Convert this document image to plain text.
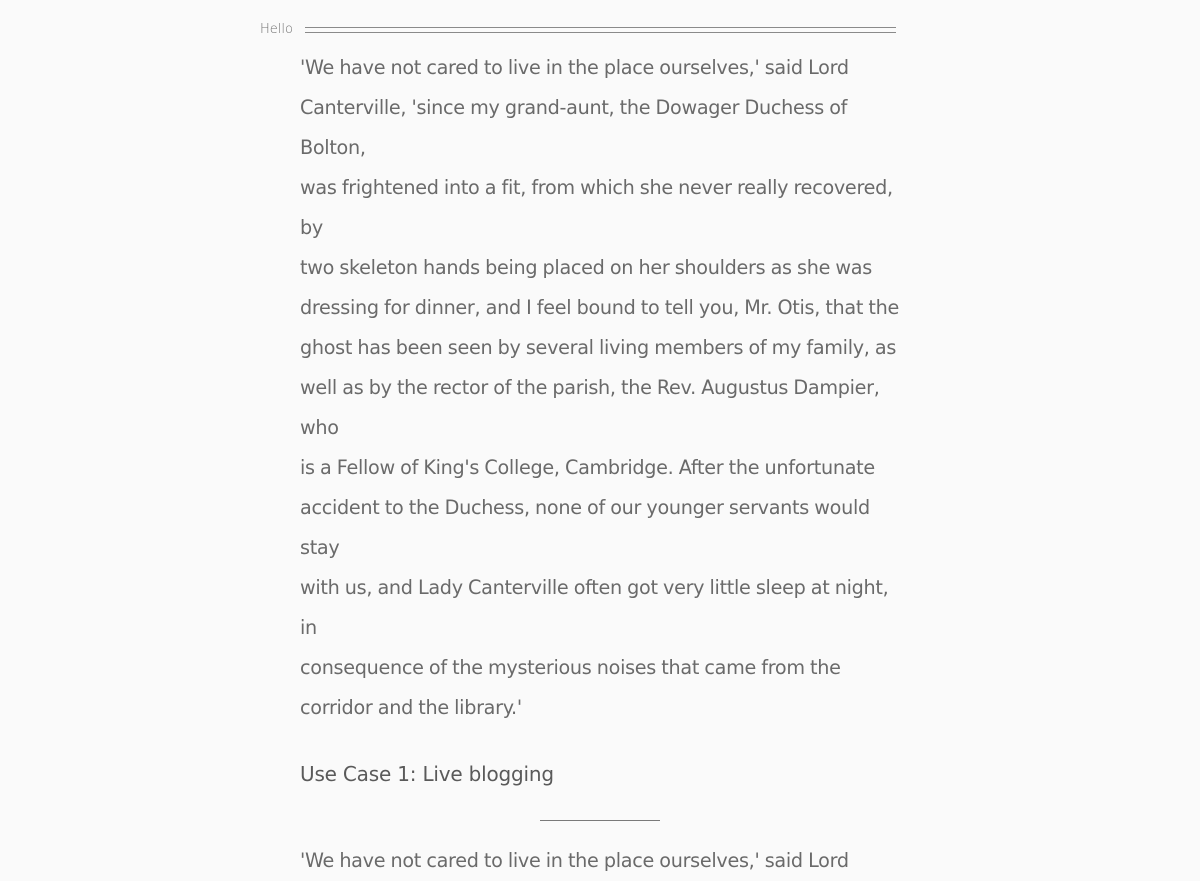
Hello

'We have not cared to live in the place ourselves,' said Lord
Canterville, 'since my grand-aunt, the Dowager Duchess of Bolton,
was frightened into a fit, from which she never really recovered, by
two skeleton hands being placed on her shoulders as she was
dressing for dinner, and I feel bound to tell you, Mr. Otis, that the
ghost has been seen by several living members of my family, as
well as by the rector of the parish, the Rev. Augustus Dampier, who
is a Fellow of King's College, Cambridge. After the unfortunate
accident to the Duchess, none of our younger servants would stay
with us, and Lady Canterville often got very little sleep at night, in
consequence of the mysterious noises that came from the
corridor and the library.'

Use Case 1: Live blogging

'We have not cared to live in the place ourselves,' said Lord
